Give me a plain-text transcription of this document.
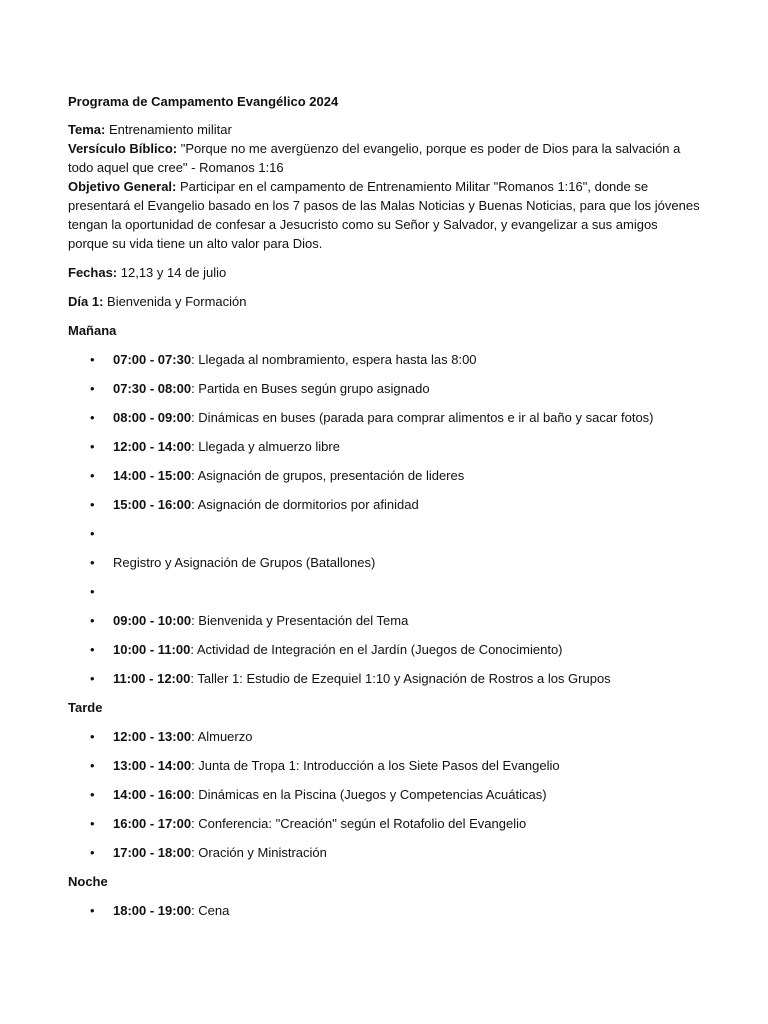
Programa de Campamento Evangélico 2024

Tema: Entrenamiento militar

Versículo Bíblico: "Porque no me avergüenzo del evangelio, porque es poder de Dios para la salvación a todo aquel que cree" - Romanos 1:16

Objetivo General: Participar en el campamento de Entrenamiento Militar "Romanos 1:16", donde se presentará el Evangelio basado en los 7 pasos de las Malas Noticias y Buenas Noticias, para que los jóvenes tengan la oportunidad de confesar a Jesucristo como su Señor y Salvador, y evangelizar a sus amigos porque su vida tiene un alto valor para Dios.

Fechas: 12,13 y 14 de julio

Día 1: Bienvenida y Formación

Mañana

• 07:00 - 07:30: Llegada al nombramiento, espera hasta las 8:00
• 07:30 - 08:00: Partida en Buses según grupo asignado
• 08:00 - 09:00: Dinámicas en buses (parada para comprar alimentos e ir al baño y sacar fotos)
• 12:00 - 14:00: Llegada y almuerzo libre
• 14:00 - 15:00: Asignación de grupos, presentación de lideres
• 15:00 - 16:00: Asignación de dormitorios por afinidad
•
• Registro y Asignación de Grupos (Batallones)
•
• 09:00 - 10:00: Bienvenida y Presentación del Tema
• 10:00 - 11:00: Actividad de Integración en el Jardín (Juegos de Conocimiento)
• 11:00 - 12:00: Taller 1: Estudio de Ezequiel 1:10 y Asignación de Rostros a los Grupos

Tarde

• 12:00 - 13:00: Almuerzo
• 13:00 - 14:00: Junta de Tropa 1: Introducción a los Siete Pasos del Evangelio
• 14:00 - 16:00: Dinámicas en la Piscina (Juegos y Competencias Acuáticas)
• 16:00 - 17:00: Conferencia: "Creación" según el Rotafolio del Evangelio
• 17:00 - 18:00: Oración y Ministración

Noche

• 18:00 - 19:00: Cena
